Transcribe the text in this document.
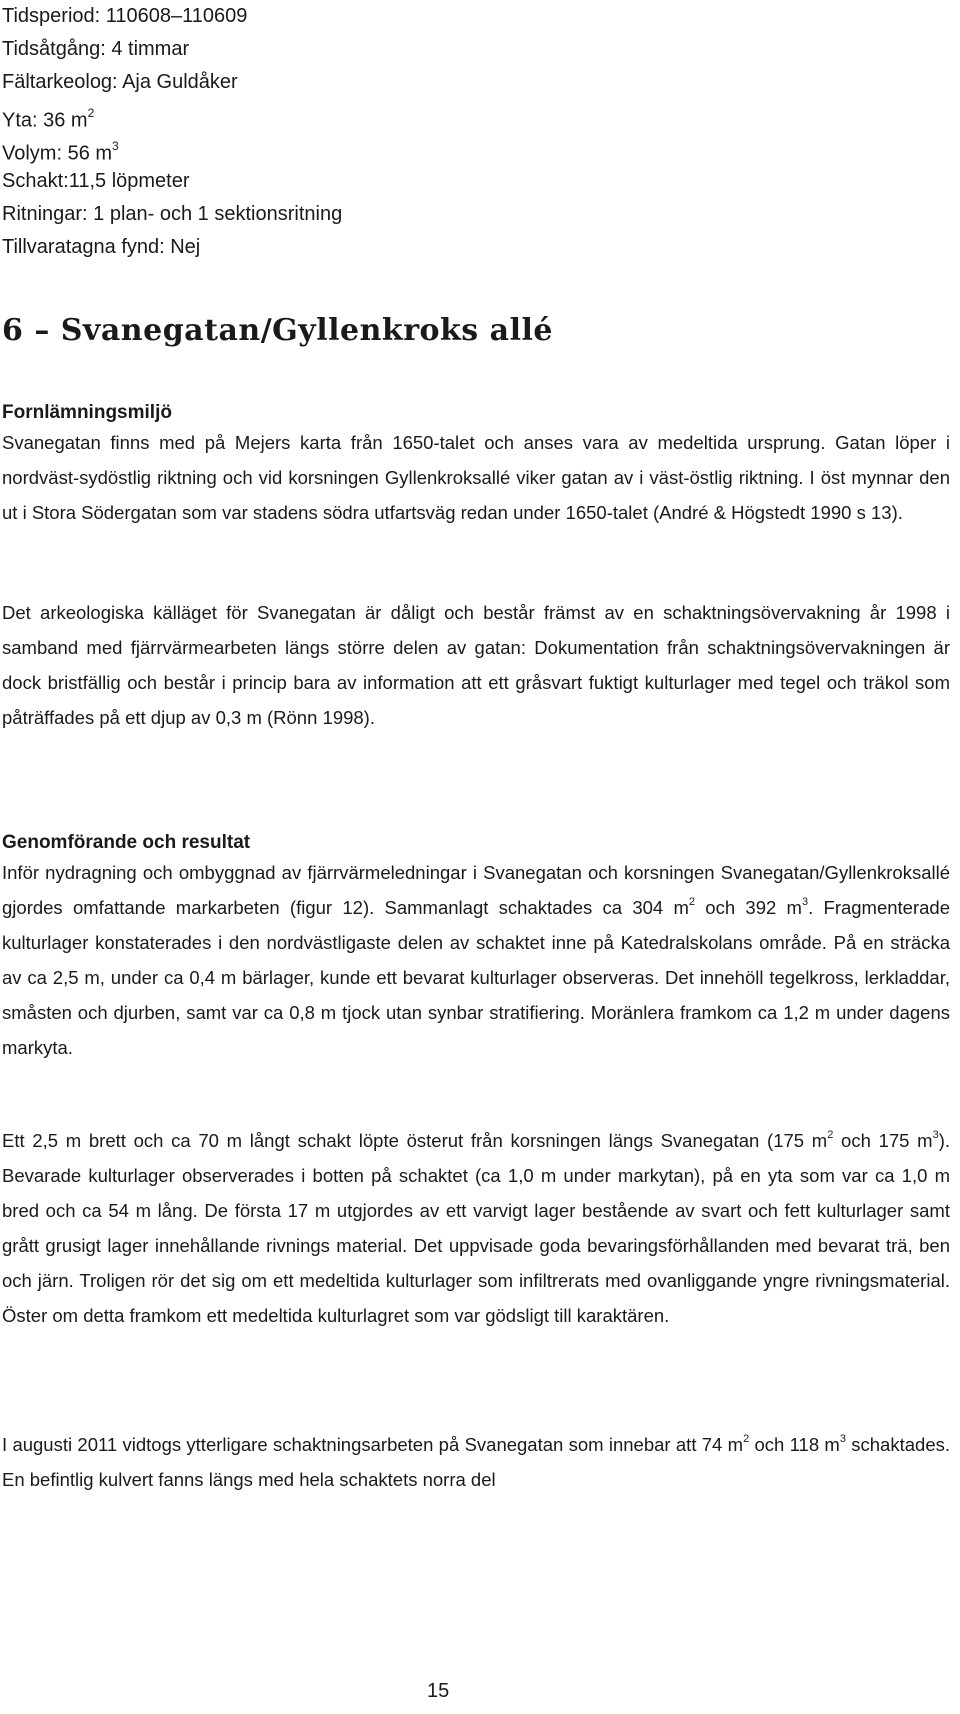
Tidsperiod: 110608–110609
Tidsåtgång: 4 timmar
Fältarkeolog: Aja Guldåker
Yta: 36 $m^2$
Volym: 56 $m^3$
Schakt:11,5 löpmeter
Ritningar: 1 plan- och 1 sektionsritning
Tillvaratagna fynd: Nej
6 – Svanegatan/Gyllenkroks allé
Fornlämningsmiljö
Svanegatan finns med på Mejers karta från 1650-talet och anses vara av medeltida ursprung. Gatan löper i nordväst-sydöstlig riktning och vid korsningen Gyllenkroksallé viker gatan av i väst-östlig riktning. I öst mynnar den ut i Stora Södergatan som var stadens södra utfartsväg redan under 1650-talet (André & Högstedt 1990 s 13).
Det arkeologiska källäget för Svanegatan är dåligt och består främst av en schaktningsövervakning år 1998 i samband med fjärrvärmearbeten längs större delen av gatan: Dokumentation från schaktningsövervakningen är dock bristfällig och består i princip bara av information att ett gråsvart fuktigt kulturlager med tegel och träkol som påträffades på ett djup av 0,3 m (Rönn 1998).
Genomförande och resultat
Inför nydragning och ombyggnad av fjärrvärmeledningar i Svanegatan och korsningen Svanegatan/Gyllenkroksallé gjordes omfattande markarbeten (figur 12). Sammanlagt schaktades ca 304 $m^2$ och 392 $m^3$. Fragmenterade kulturlager konstaterades i den nordvästligaste delen av schaktet inne på Katedralskolans område. På en sträcka av ca 2,5 m, under ca 0,4 m bärlager, kunde ett bevarat kulturlager observeras. Det innehöll tegelkross, lerkladdar, småsten och djurben, samt var ca 0,8 m tjock utan synbar stratifiering. Moränlera framkom ca 1,2 m under dagens markyta.
Ett 2,5 m brett och ca 70 m långt schakt löpte österut från korsningen längs Svanegatan (175 $m^2$ och 175 $m^3$). Bevarade kulturlager observerades i botten på schaktet (ca 1,0 m under markytan), på en yta som var ca 1,0 m bred och ca 54 m lång. De första 17 m utgjordes av ett varvigt lager bestående av svart och fett kulturlager samt grått grusigt lager innehållande rivnings material. Det uppvisade goda bevaringsförhållanden med bevarat trä, ben och järn. Troligen rör det sig om ett medeltida kulturlager som infiltrerats med ovanliggande yngre rivningsmaterial. Öster om detta framkom ett medeltida kulturlagret som var gödsligt till karaktären.
I augusti 2011 vidtogs ytterligare schaktningsarbeten på Svanegatan som innebar att 74 $m^2$ och 118 $m^3$ schaktades. En befintlig kulvert fanns längs med hela schaktets norra del
15
